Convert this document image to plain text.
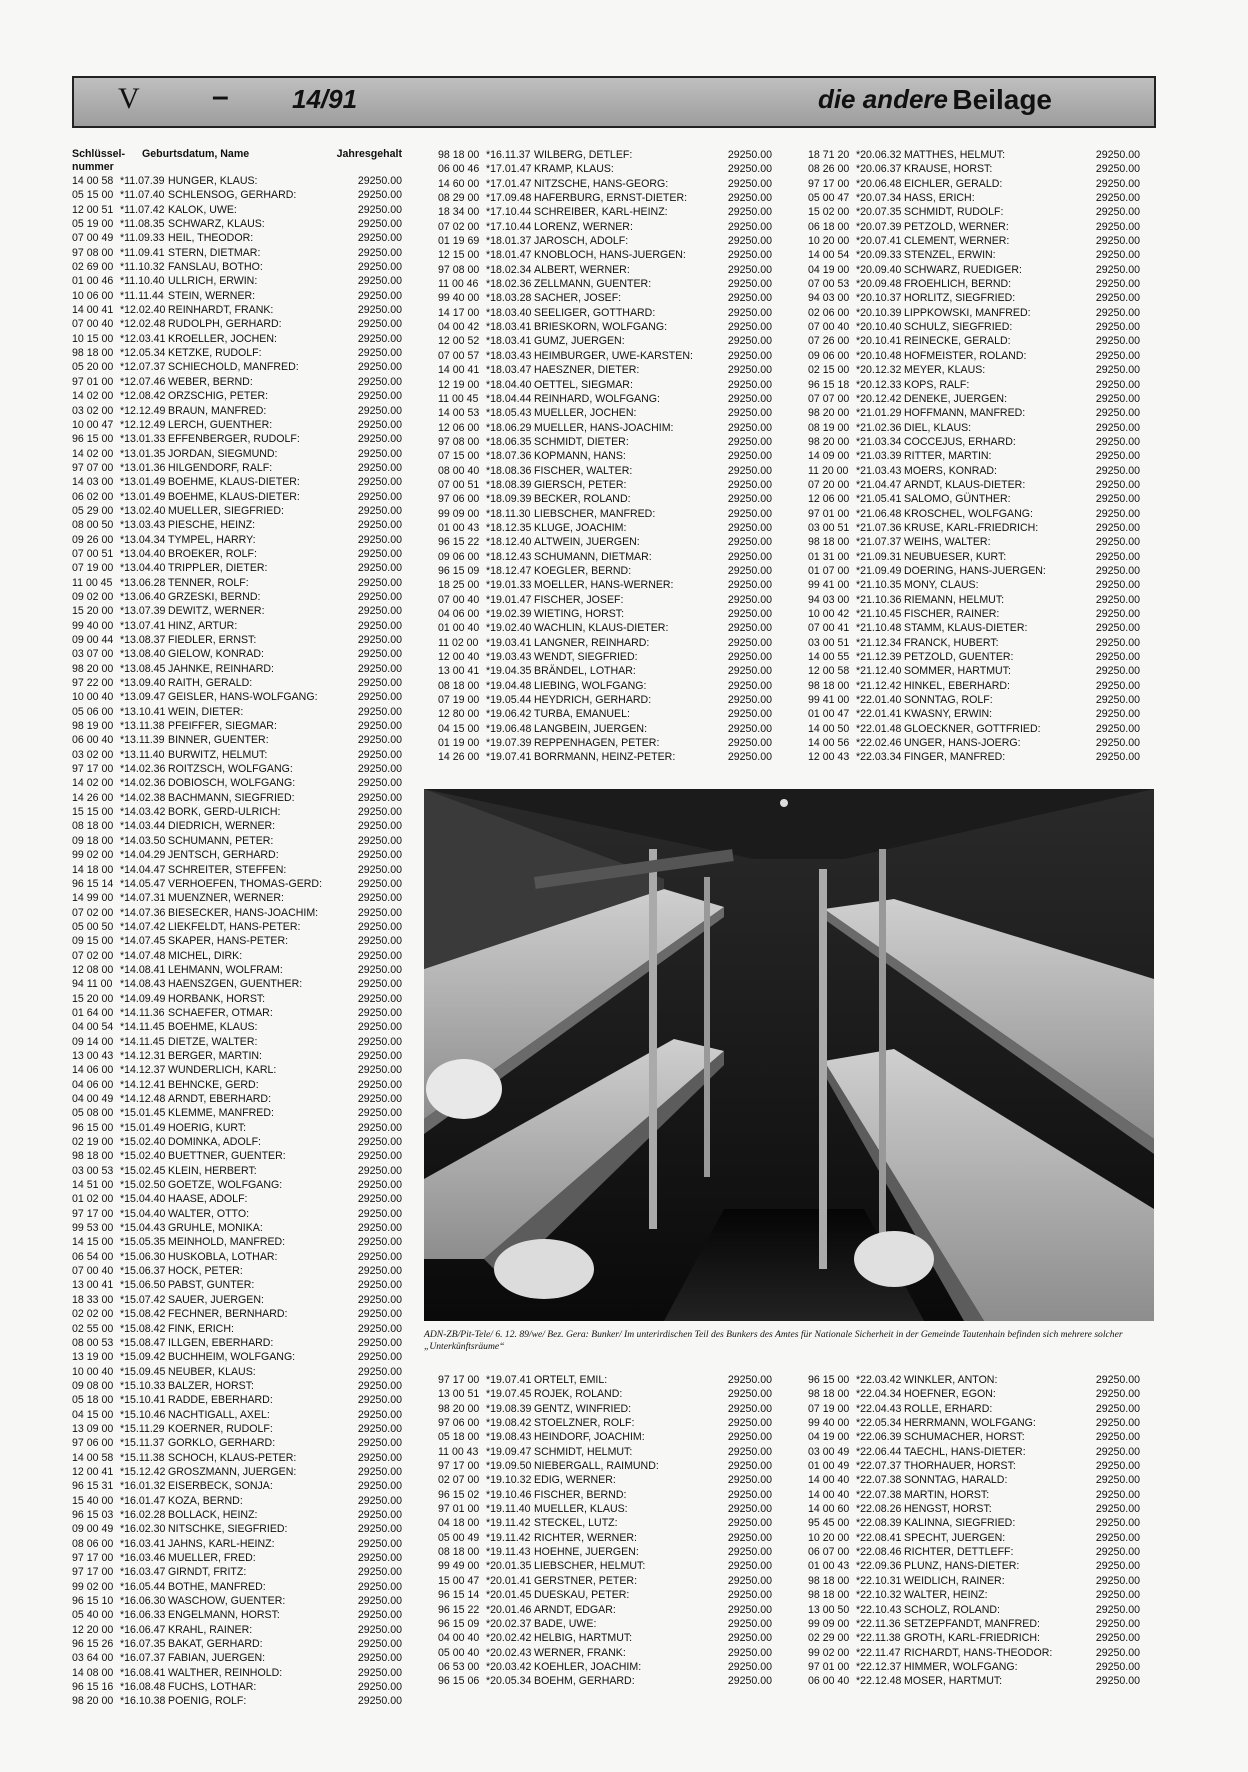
V – 14/91	die andere Beilage
Schlüssel-
nummer
Geburtsdatum, Name	Jahresgehalt
14 00 58 *11.07.39 HUNGER, KLAUS:	29250.00
05 15 00 *11.07.40 SCHLENSOG, GERHARD:	29250.00
12 00 51 *11.07.42 KALOK, UWE:	29250.00
05 19 00 *11.08.35 SCHWARZ, KLAUS:	29250.00
07 00 49 *11.09.33 HEIL, THEODOR:	29250.00
97 08 00 *11.09.41 STERN, DIETMAR:	29250.00
02 69 00 *11.10.32 FANSLAU, BOTHO:	29250.00
01 00 46 *11.10.40 ULLRICH, ERWIN:	29250.00
10 06 00 *11.11.44 STEIN, WERNER:	29250.00
14 00 41 *12.02.40 REINHARDT, FRANK:	29250.00
07 00 40 *12.02.48 RUDOLPH, GERHARD:	29250.00
10 15 00 *12.03.41 KROELLER, JOCHEN:	29250.00
98 18 00 *12.05.34 KETZKE, RUDOLF:	29250.00
05 20 00 *12.07.37 SCHIECHOLD, MANFRED:	29250.00
97 01 00 *12.07.46 WEBER, BERND:	29250.00
14 02 00 *12.08.42 ORZSCHIG, PETER:	29250.00
03 02 00 *12.12.49 BRAUN, MANFRED:	29250.00
10 00 47 *12.12.49 LERCH, GUENTHER:	29250.00
96 15 00 *13.01.33 EFFENBERGER, RUDOLF:	29250.00
14 02 00 *13.01.35 JORDAN, SIEGMUND:	29250.00
97 07 00 *13.01.36 HILGENDORF, RALF:	29250.00
14 03 00 *13.01.49 BOEHME, KLAUS-DIETER:	29250.00
06 02 00 *13.01.49 BOEHME, KLAUS-DIETER:	29250.00
05 29 00 *13.02.40 MUELLER, SIEGFRIED:	29250.00
08 00 50 *13.03.43 PIESCHE, HEINZ:	29250.00
09 26 00 *13.04.34 TYMPEL, HARRY:	29250.00
07 00 51 *13.04.40 BROEKER, ROLF:	29250.00
07 19 00 *13.04.40 TRIPPLER, DIETER:	29250.00
11 00 45 *13.06.28 TENNER, ROLF:	29250.00
09 02 00 *13.06.40 GRZESKI, BERND:	29250.00
15 20 00 *13.07.39 DEWITZ, WERNER:	29250.00
99 40 00 *13.07.41 HINZ, ARTUR:	29250.00
09 00 44 *13.08.37 FIEDLER, ERNST:	29250.00
03 07 00 *13.08.40 GIELOW, KONRAD:	29250.00
98 20 00 *13.08.45 JAHNKE, REINHARD:	29250.00
97 22 00 *13.09.40 RAITH, GERALD:	29250.00
10 00 40 *13.09.47 GEISLER, HANS-WOLFGANG:	29250.00
05 06 00 *13.10.41 WEIN, DIETER:	29250.00
98 19 00 *13.11.38 PFEIFFER, SIEGMAR:	29250.00
06 00 40 *13.11.39 BINNER, GUENTER:	29250.00
03 02 00 *13.11.40 BURWITZ, HELMUT:	29250.00
97 17 00 *14.02.36 ROITZSCH, WOLFGANG:	29250.00
14 02 00 *14.02.36 DOBIOSCH, WOLFGANG:	29250.00
14 26 00 *14.02.38 BACHMANN, SIEGFRIED:	29250.00
15 15 00 *14.03.42 BORK, GERD-ULRICH:	29250.00
08 18 00 *14.03.44 DIEDRICH, WERNER:	29250.00
09 18 00 *14.03.50 SCHUMANN, PETER:	29250.00
99 02 00 *14.04.29 JENTSCH, GERHARD:	29250.00
14 18 00 *14.04.47 SCHREITER, STEFFEN:	29250.00
96 15 14 *14.05.47 VERHOEFEN, THOMAS-GERD:	29250.00
14 99 00 *14.07.31 MUENZNER, WERNER:	29250.00
07 02 00 *14.07.36 BIESECKER, HANS-JOACHIM:	29250.00
05 00 50 *14.07.42 LIEKFELDT, HANS-PETER:	29250.00
09 15 00 *14.07.45 SKAPER, HANS-PETER:	29250.00
07 02 00 *14.07.48 MICHEL, DIRK:	29250.00
12 08 00 *14.08.41 LEHMANN, WOLFRAM:	29250.00
94 11 00 *14.08.43 HAENSZGEN, GUENTHER:	29250.00
15 20 00 *14.09.49 HORBANK, HORST:	29250.00
01 64 00 *14.11.36 SCHAEFER, OTMAR:	29250.00
04 00 54 *14.11.45 BOEHME, KLAUS:	29250.00
09 14 00 *14.11.45 DIETZE, WALTER:	29250.00
13 00 43 *14.12.31 BERGER, MARTIN:	29250.00
14 06 00 *14.12.37 WUNDERLICH, KARL:	29250.00
04 06 00 *14.12.41 BEHNCKE, GERD:	29250.00
04 00 49 *14.12.48 ARNDT, EBERHARD:	29250.00
05 08 00 *15.01.45 KLEMME, MANFRED:	29250.00
96 15 00 *15.01.49 HOERIG, KURT:	29250.00
02 19 00 *15.02.40 DOMINKA, ADOLF:	29250.00
98 18 00 *15.02.40 BUETTNER, GUENTER:	29250.00
03 00 53 *15.02.45 KLEIN, HERBERT:	29250.00
14 51 00 *15.02.50 GOETZE, WOLFGANG:	29250.00
01 02 00 *15.04.40 HAASE, ADOLF:	29250.00
97 17 00 *15.04.40 WALTER, OTTO:	29250.00
99 53 00 *15.04.43 GRUHLE, MONIKA:	29250.00
14 15 00 *15.05.35 MEINHOLD, MANFRED:	29250.00
06 54 00 *15.06.30 HUSKOBLA, LOTHAR:	29250.00
07 00 40 *15.06.37 HOCK, PETER:	29250.00
13 00 41 *15.06.50 PABST, GUNTER:	29250.00
18 33 00 *15.07.42 SAUER, JUERGEN:	29250.00
02 02 00 *15.08.42 FECHNER, BERNHARD:	29250.00
02 55 00 *15.08.42 FINK, ERICH:	29250.00
08 00 53 *15.08.47 ILLGEN, EBERHARD:	29250.00
13 19 00 *15.09.42 BUCHHEIM, WOLFGANG:	29250.00
10 00 40 *15.09.45 NEUBER, KLAUS:	29250.00
09 08 00 *15.10.33 BALZER, HORST:	29250.00
05 18 00 *15.10.41 RADDE, EBERHARD:	29250.00
04 15 00 *15.10.46 NACHTIGALL, AXEL:	29250.00
13 09 00 *15.11.29 KOERNER, RUDOLF:	29250.00
97 06 00 *15.11.37 GORKLO, GERHARD:	29250.00
14 00 58 *15.11.38 SCHOCH, KLAUS-PETER:	29250.00
12 00 41 *15.12.42 GROSZMANN, JUERGEN:	29250.00
96 15 31 *16.01.32 EISERBECK, SONJA:	29250.00
15 40 00 *16.01.47 KOZA, BERND:	29250.00
96 15 03 *16.02.28 BOLLACK, HEINZ:	29250.00
09 00 49 *16.02.30 NITSCHKE, SIEGFRIED:	29250.00
08 06 00 *16.03.41 JAHNS, KARL-HEINZ:	29250.00
97 17 00 *16.03.46 MUELLER, FRED:	29250.00
97 17 00 *16.03.47 GIRNDT, FRITZ:	29250.00
99 02 00 *16.05.44 BOTHE, MANFRED:	29250.00
96 15 10 *16.06.30 WASCHOW, GUENTER:	29250.00
05 40 00 *16.06.33 ENGELMANN, HORST:	29250.00
12 20 00 *16.06.47 KRAHL, RAINER:	29250.00
96 15 26 *16.07.35 BAKAT, GERHARD:	29250.00
03 64 00 *16.07.37 FABIAN, JUERGEN:	29250.00
14 08 00 *16.08.41 WALTHER, REINHOLD:	29250.00
96 15 16 *16.08.48 FUCHS, LOTHAR:	29250.00
98 20 00 *16.10.38 POENIG, ROLF:	29250.00
98 18 00 *16.11.37 WILBERG, DETLEF:	29250.00
06 00 46 *17.01.47 KRAMP, KLAUS:	29250.00
14 60 00 *17.01.47 NITZSCHE, HANS-GEORG:	29250.00
08 29 00 *17.09.48 HAFERBURG, ERNST-DIETER:	29250.00
18 34 00 *17.10.44 SCHREIBER, KARL-HEINZ:	29250.00
07 02 00 *17.10.44 LORENZ, WERNER:	29250.00
01 19 69 *18.01.37 JAROSCH, ADOLF:	29250.00
12 15 00 *18.01.47 KNOBLOCH, HANS-JUERGEN:	29250.00
97 08 00 *18.02.34 ALBERT, WERNER:	29250.00
11 00 46 *18.02.36 ZELLMANN, GUENTER:	29250.00
99 40 00 *18.03.28 SACHER, JOSEF:	29250.00
14 17 00 *18.03.40 SEELIGER, GOTTHARD:	29250.00
04 00 42 *18.03.41 BRIESKORN, WOLFGANG:	29250.00
12 00 52 *18.03.41 GUMZ, JUERGEN:	29250.00
07 00 57 *18.03.43 HEIMBURGER, UWE-KARSTEN:	29250.00
14 00 41 *18.03.47 HAESZNER, DIETER:	29250.00
12 19 00 *18.04.40 OETTEL, SIEGMAR:	29250.00
11 00 45 *18.04.44 REINHARD, WOLFGANG:	29250.00
14 00 53 *18.05.43 MUELLER, JOCHEN:	29250.00
12 06 00 *18.06.29 MUELLER, HANS-JOACHIM:	29250.00
97 08 00 *18.06.35 SCHMIDT, DIETER:	29250.00
07 15 00 *18.07.36 KOPMANN, HANS:	29250.00
08 00 40 *18.08.36 FISCHER, WALTER:	29250.00
07 00 51 *18.08.39 GIERSCH, PETER:	29250.00
97 06 00 *18.09.39 BECKER, ROLAND:	29250.00
99 09 00 *18.11.30 LIEBSCHER, MANFRED:	29250.00
01 00 43 *18.12.35 KLUGE, JOACHIM:	29250.00
96 15 22 *18.12.40 ALTWEIN, JUERGEN:	29250.00
09 06 00 *18.12.43 SCHUMANN, DIETMAR:	29250.00
96 15 09 *18.12.47 KOEGLER, BERND:	29250.00
18 25 00 *19.01.33 MOELLER, HANS-WERNER:	29250.00
07 00 40 *19.01.47 FISCHER, JOSEF:	29250.00
04 06 00 *19.02.39 WIETING, HORST:	29250.00
01 00 40 *19.02.40 WACHLIN, KLAUS-DIETER:	29250.00
11 02 00 *19.03.41 LANGNER, REINHARD:	29250.00
12 00 40 *19.03.43 WENDT, SIEGFRIED:	29250.00
13 00 41 *19.04.35 BRÄNDEL, LOTHAR:	29250.00
08 18 00 *19.04.48 LIEBING, WOLFGANG:	29250.00
07 19 00 *19.05.44 HEYDRICH, GERHARD:	29250.00
12 80 00 *19.06.42 TURBA, EMANUEL:	29250.00
04 15 00 *19.06.48 LANGBEIN, JUERGEN:	29250.00
01 19 00 *19.07.39 REPPENHAGEN, PETER:	29250.00
14 26 00 *19.07.41 BORRMANN, HEINZ-PETER:	29250.00
18 71 20 *20.06.32 MATTHES, HELMUT:	29250.00
08 26 00 *20.06.37 KRAUSE, HORST:	29250.00
97 17 00 *20.06.48 EICHLER, GERALD:	29250.00
05 00 47 *20.07.34 HASS, ERICH:	29250.00
15 02 00 *20.07.35 SCHMIDT, RUDOLF:	29250.00
06 18 00 *20.07.39 PETZOLD, WERNER:	29250.00
10 20 00 *20.07.41 CLEMENT, WERNER:	29250.00
14 00 54 *20.09.33 STENZEL, ERWIN:	29250.00
04 19 00 *20.09.40 SCHWARZ, RUEDIGER:	29250.00
07 00 53 *20.09.48 FROEHLICH, BERND:	29250.00
94 03 00 *20.10.37 HORLITZ, SIEGFRIED:	29250.00
02 06 00 *20.10.39 LIPPKOWSKI, MANFRED:	29250.00
07 00 40 *20.10.40 SCHULZ, SIEGFRIED:	29250.00
07 26 00 *20.10.41 REINECKE, GERALD:	29250.00
09 06 00 *20.10.48 HOFMEISTER, ROLAND:	29250.00
02 15 00 *20.12.32 MEYER, KLAUS:	29250.00
96 15 18 *20.12.33 KOPS, RALF:	29250.00
07 07 00 *20.12.42 DENEKE, JUERGEN:	29250.00
98 20 00 *21.01.29 HOFFMANN, MANFRED:	29250.00
08 19 00 *21.02.36 DIEL, KLAUS:	29250.00
98 20 00 *21.03.34 COCCEJUS, ERHARD:	29250.00
14 09 00 *21.03.39 RITTER, MARTIN:	29250.00
11 20 00 *21.03.43 MOERS, KONRAD:	29250.00
07 20 00 *21.04.47 ARNDT, KLAUS-DIETER:	29250.00
12 06 00 *21.05.41 SALOMO, GÜNTHER:	29250.00
97 01 00 *21.06.48 KROSCHEL, WOLFGANG:	29250.00
03 00 51 *21.07.36 KRUSE, KARL-FRIEDRICH:	29250.00
98 18 00 *21.07.37 WEIHS, WALTER:	29250.00
01 31 00 *21.09.31 NEUBUESER, KURT:	29250.00
01 07 00 *21.09.49 DOERING, HANS-JUERGEN:	29250.00
99 41 00 *21.10.35 MONY, CLAUS:	29250.00
94 03 00 *21.10.36 RIEMANN, HELMUT:	29250.00
10 00 42 *21.10.45 FISCHER, RAINER:	29250.00
07 00 41 *21.10.48 STAMM, KLAUS-DIETER:	29250.00
03 00 51 *21.12.34 FRANCK, HUBERT:	29250.00
14 00 55 *21.12.39 PETZOLD, GUENTER:	29250.00
12 00 58 *21.12.40 SOMMER, HARTMUT:	29250.00
98 18 00 *21.12.42 HINKEL, EBERHARD:	29250.00
99 41 00 *22.01.40 SONNTAG, ROLF:	29250.00
01 00 47 *22.01.41 KWASNY, ERWIN:	29250.00
14 00 50 *22.01.48 GLOECKNER, GOTTFRIED:	29250.00
14 00 56 *22.02.46 UNGER, HANS-JOERG:	29250.00
12 00 43 *22.03.34 FINGER, MANFRED:	29250.00
ADN-ZB/Pit-Tele/ 6. 12. 89/we/ Bez. Gera: Bunker/ Im unterirdischen Teil des Bunkers des Amtes für Nationale Sicherheit in der Gemeinde Tautenhain befinden sich mehrere solcher „Unterkünftsräume“
97 17 00 *19.07.41 ORTELT, EMIL:	29250.00
13 00 51 *19.07.45 ROJEK, ROLAND:	29250.00
98 20 00 *19.08.39 GENTZ, WINFRIED:	29250.00
97 06 00 *19.08.42 STOELZNER, ROLF:	29250.00
05 18 00 *19.08.43 HEINDORF, JOACHIM:	29250.00
11 00 43 *19.09.47 SCHMIDT, HELMUT:	29250.00
97 17 00 *19.09.50 NIEBERGALL, RAIMUND:	29250.00
02 07 00 *19.10.32 EDIG, WERNER:	29250.00
96 15 02 *19.10.46 FISCHER, BERND:	29250.00
97 01 00 *19.11.40 MUELLER, KLAUS:	29250.00
04 18 00 *19.11.42 STECKEL, LUTZ:	29250.00
05 00 49 *19.11.42 RICHTER, WERNER:	29250.00
08 18 00 *19.11.43 HOEHNE, JUERGEN:	29250.00
99 49 00 *20.01.35 LIEBSCHER, HELMUT:	29250.00
15 00 47 *20.01.41 GERSTNER, PETER:	29250.00
96 15 14 *20.01.45 DUESKAU, PETER:	29250.00
96 15 22 *20.01.46 ARNDT, EDGAR:	29250.00
96 15 09 *20.02.37 BADE, UWE:	29250.00
04 00 40 *20.02.42 HELBIG, HARTMUT:	29250.00
05 00 40 *20.02.43 WERNER, FRANK:	29250.00
06 53 00 *20.03.42 KOEHLER, JOACHIM:	29250.00
96 15 06 *20.05.34 BOEHM, GERHARD:	29250.00
96 15 00 *22.03.42 WINKLER, ANTON:	29250.00
98 18 00 *22.04.34 HOEFNER, EGON:	29250.00
07 19 00 *22.04.43 ROLLE, ERHARD:	29250.00
99 40 00 *22.05.34 HERRMANN, WOLFGANG:	29250.00
04 19 00 *22.06.39 SCHUMACHER, HORST:	29250.00
03 00 49 *22.06.44 TAECHL, HANS-DIETER:	29250.00
01 00 49 *22.07.37 THORHAUER, HORST:	29250.00
14 00 40 *22.07.38 SONNTAG, HARALD:	29250.00
14 00 40 *22.07.38 MARTIN, HORST:	29250.00
14 00 60 *22.08.26 HENGST, HORST:	29250.00
95 45 00 *22.08.39 KALINNA, SIEGFRIED:	29250.00
10 20 00 *22.08.41 SPECHT, JUERGEN:	29250.00
06 07 00 *22.08.46 RICHTER, DETTLEFF:	29250.00
01 00 43 *22.09.36 PLUNZ, HANS-DIETER:	29250.00
98 18 00 *22.10.31 WEIDLICH, RAINER:	29250.00
98 18 00 *22.10.32 WALTER, HEINZ:	29250.00
13 00 50 *22.10.43 SCHOLZ, ROLAND:	29250.00
99 09 00 *22.11.36 SETZEPFANDT, MANFRED:	29250.00
02 29 00 *22.11.38 GROTH, KARL-FRIEDRICH:	29250.00
99 02 00 *22.11.47 RICHARDT, HANS-THEODOR:	29250.00
97 01 00 *22.12.37 HIMMER, WOLFGANG:	29250.00
06 00 40 *22.12.48 MOSER, HARTMUT:	29250.00
